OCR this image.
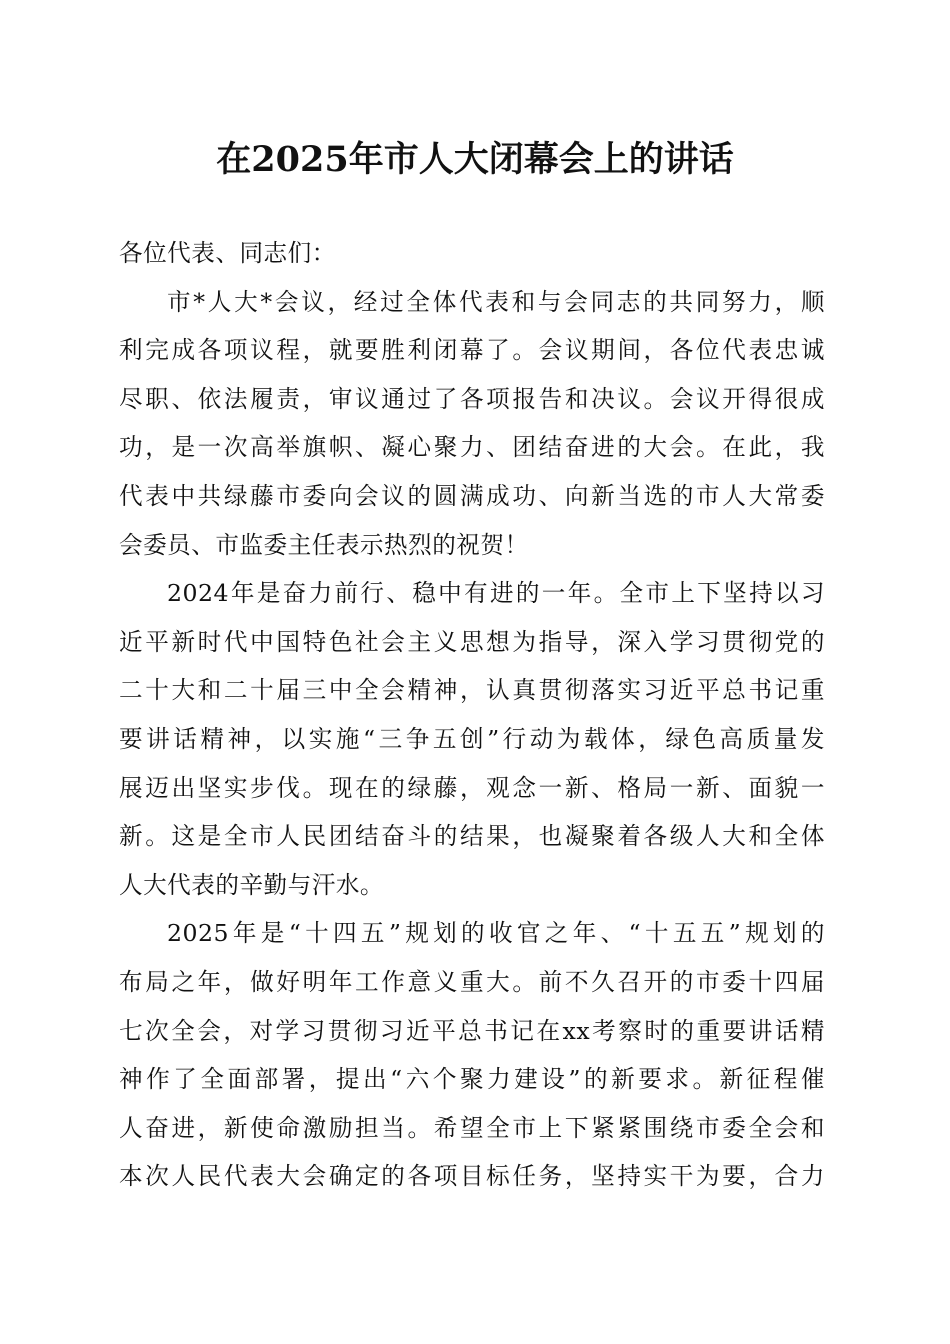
在2025年市人大闭幕会上的讲话

各位代表、同志们：

市*人大*会议，经过全体代表和与会同志的共同努力，顺
利完成各项议程，就要胜利闭幕了。会议期间，各位代表忠诚
尽职、依法履责，审议通过了各项报告和决议。会议开得很成
功，是一次高举旗帜、凝心聚力、团结奋进的大会。在此，我
代表中共绿藤市委向会议的圆满成功、向新当选的市人大常委
会委员、市监委主任表示热烈的祝贺！

2024年是奋力前行、稳中有进的一年。全市上下坚持以习
近平新时代中国特色社会主义思想为指导，深入学习贯彻党的
二十大和二十届三中全会精神，认真贯彻落实习近平总书记重
要讲话精神，以实施“三争五创”行动为载体，绿色高质量发
展迈出坚实步伐。现在的绿藤，观念一新、格局一新、面貌一
新。这是全市人民团结奋斗的结果，也凝聚着各级人大和全体
人大代表的辛勤与汗水。

2025年是“十四五”规划的收官之年、“十五五”规划的
布局之年，做好明年工作意义重大。前不久召开的市委十四届
七次全会，对学习贯彻习近平总书记在xx考察时的重要讲话精
神作了全面部署，提出“六个聚力建设”的新要求。新征程催
人奋进，新使命激励担当。希望全市上下紧紧围绕市委全会和
本次人民代表大会确定的各项目标任务，坚持实干为要，合力
